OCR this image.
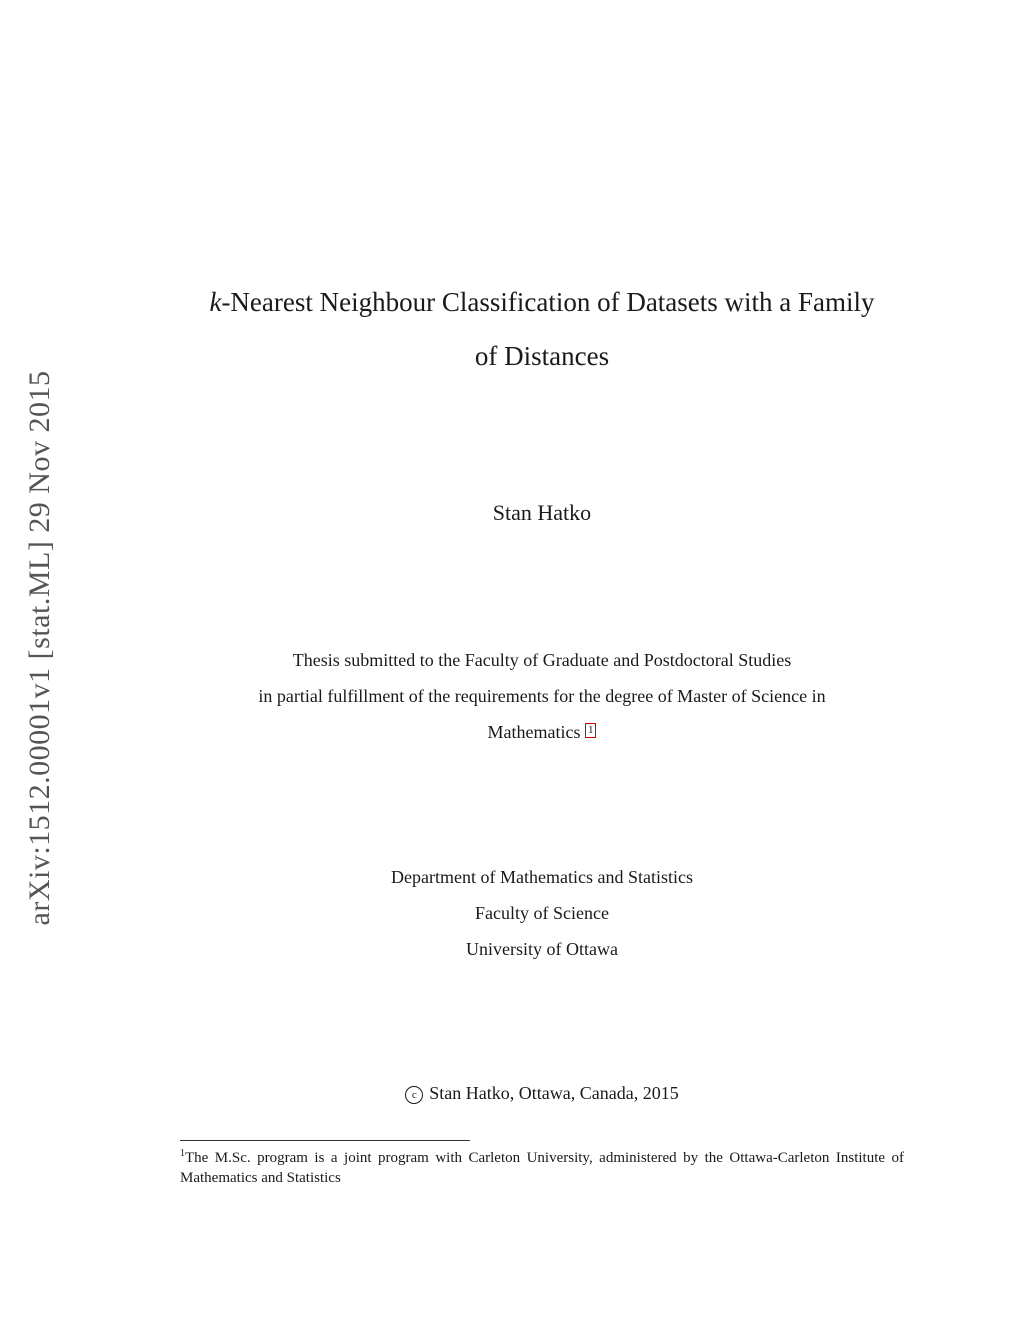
arXiv:1512.00001v1 [stat.ML] 29 Nov 2015
k-Nearest Neighbour Classification of Datasets with a Family
of Distances
Stan Hatko
Thesis submitted to the Faculty of Graduate and Postdoctoral Studies
in partial fulfillment of the requirements for the degree of Master of Science in
Mathematics 1
Department of Mathematics and Statistics
Faculty of Science
University of Ottawa
c Stan Hatko, Ottawa, Canada, 2015
$^1$The M.Sc. program is a joint program with Carleton University, administered by the Ottawa-Carleton Institute of Mathematics and Statistics
